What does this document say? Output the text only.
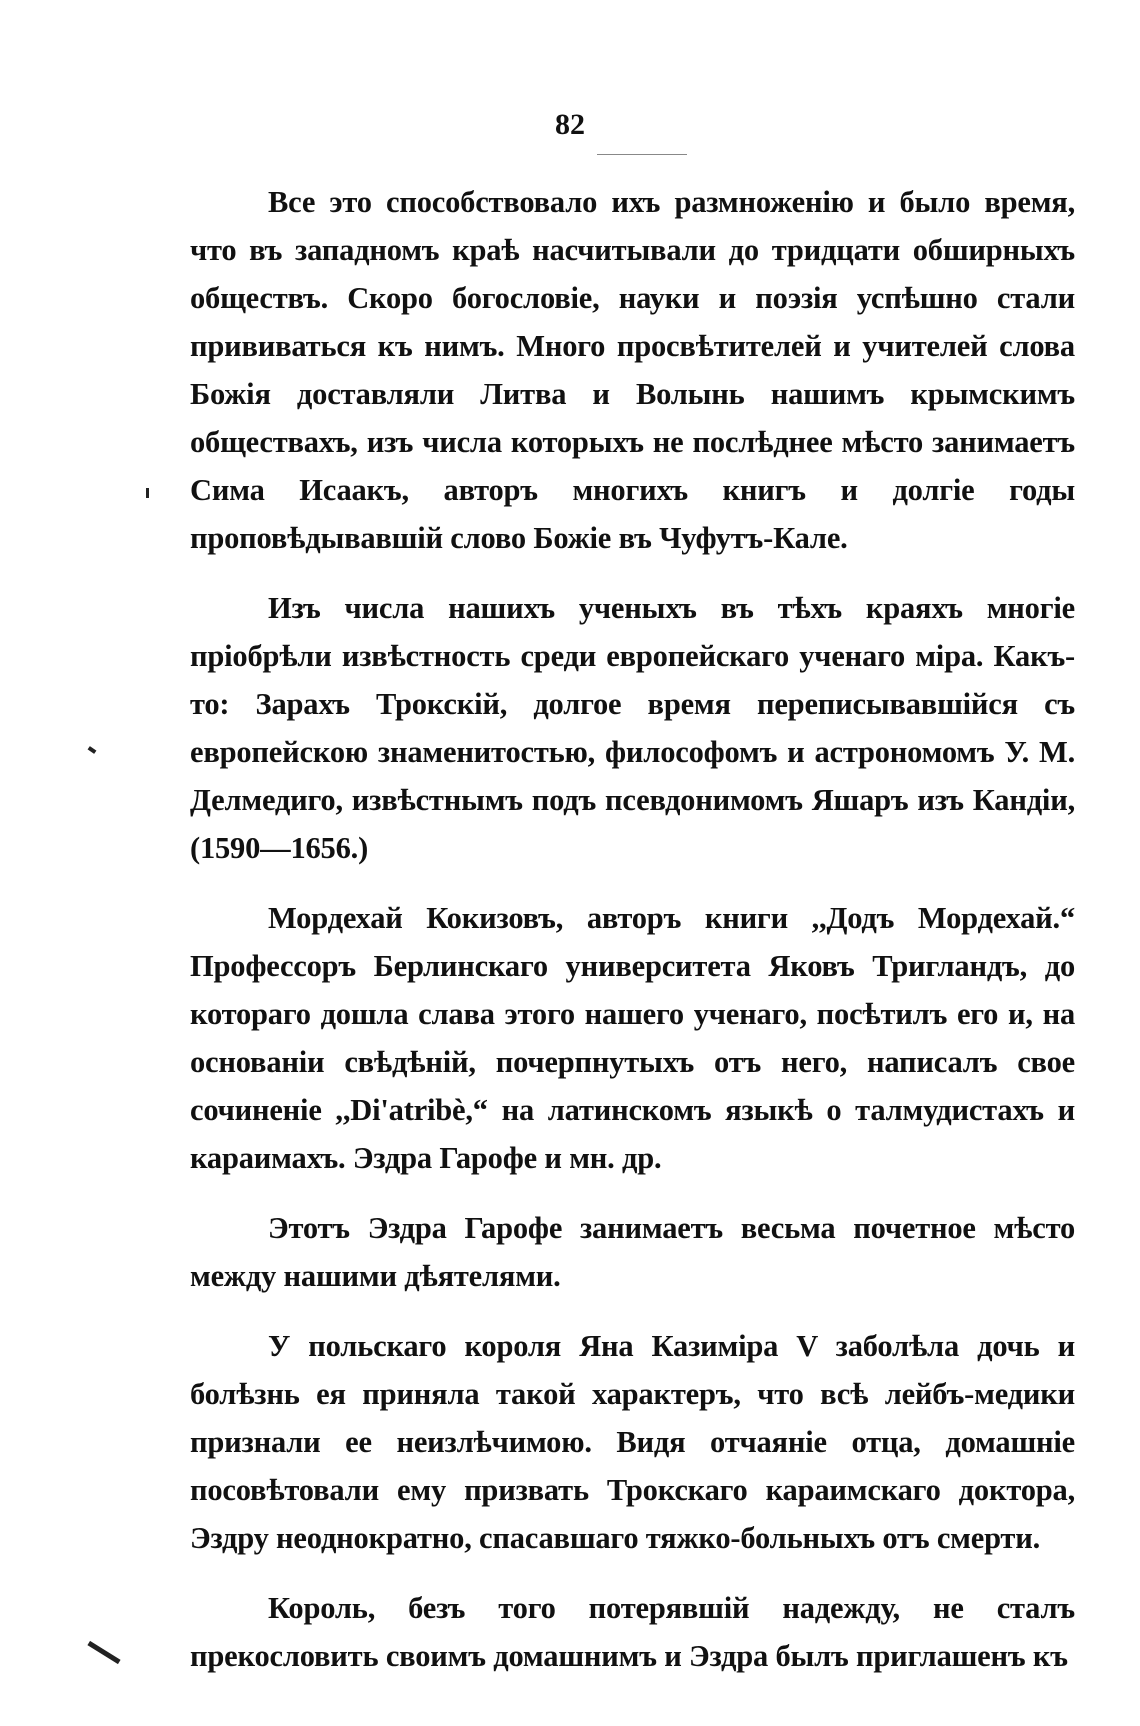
82

Все это способствовало ихъ размноженію и было время, что въ западномъ краѣ насчитывали до тридцати обширныхъ обществъ. Скоро богословіе, науки и поэзія успѣшно стали прививаться къ нимъ. Много просвѣтителей и учителей слова Божія доставляли Литва и Волынь нашимъ крымскимъ обществахъ, изъ числа которыхъ не послѣднее мѣсто занимаетъ Сима Исаакъ, авторъ многихъ книгъ и долгіе годы проповѣдывавшій слово Божіе въ Чуфутъ-Кале.

Изъ числа нашихъ ученыхъ въ тѣхъ краяхъ многіе пріобрѣли извѣстность среди европейскаго ученаго міра. Какъ-то: Зарахъ Трокскій, долгое время переписывавшійся съ европейскою знаменитостью, философомъ и астрономомъ У. М. Делмедиго, извѣстнымъ подъ псевдонимомъ Яшаръ изъ Кандіи, (1590—1656.)

Мордехай Кокизовъ, авторъ книги ,,Додъ Мордехай.“ Профессоръ Берлинскаго университета Яковъ Тригландъ, до котораго дошла слава этого нашего ученаго, посѣтилъ его и, на основаніи свѣдѣній, почерпнутыхъ отъ него, написалъ свое сочиненіе ,,Di'atribè,“ на латинскомъ языкѣ о талмудистахъ и караимахъ. Эздра Гарофе и мн. др.

Этотъ Эздра Гарофе занимаетъ весьма почетное мѣсто между нашими дѣятелями.

У польскаго короля Яна Казиміра V заболѣла дочь и болѣзнь ея приняла такой характеръ, что всѣ лейбъ-медики признали ее неизлѣчимою. Видя отчаяніе отца, домашніе посовѣтовали ему призвать Трокскаго караимскаго доктора, Эздру неоднократно, спасавшаго тяжко-больныхъ отъ смерти.

Король, безъ того потерявшій надежду, не сталъ прекословить своимъ домашнимъ и Эздра былъ приглашенъ къ
